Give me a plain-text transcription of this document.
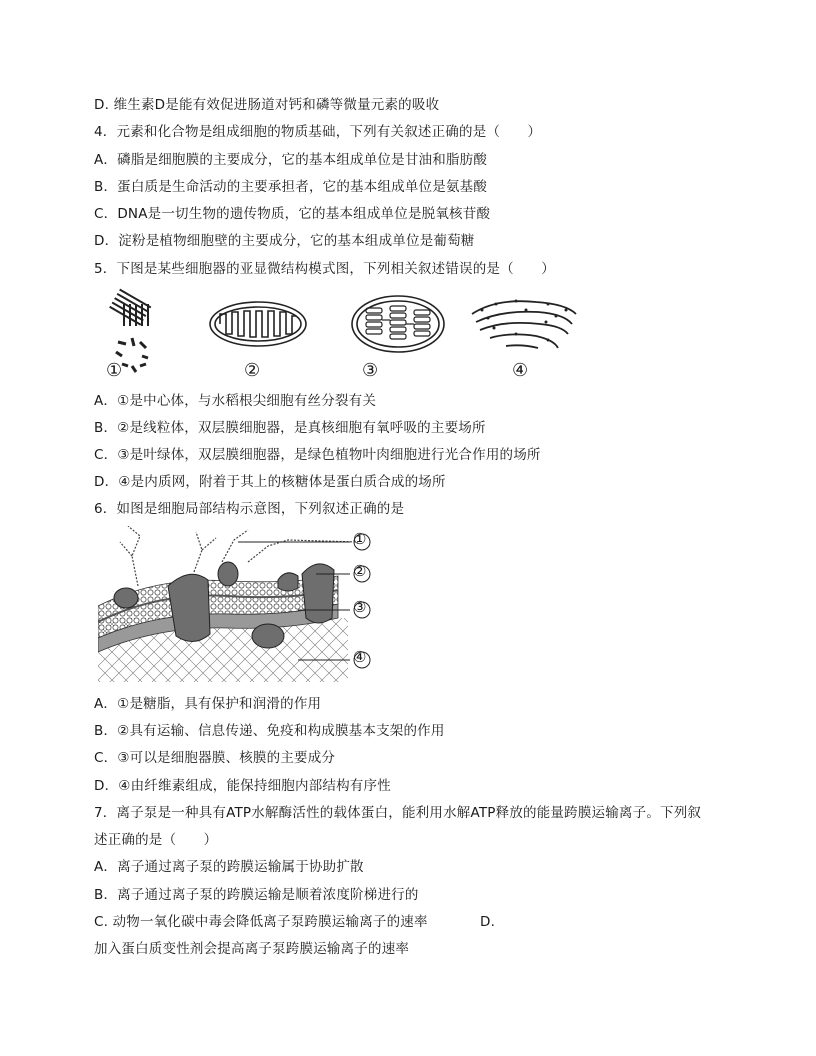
D. 维生素D是能有效促进肠道对钙和磷等微量元素的吸收
4．元素和化合物是组成细胞的物质基础，下列有关叙述正确的是（　　）
A．磷脂是细胞膜的主要成分，它的基本组成单位是甘油和脂肪酸
B．蛋白质是生命活动的主要承担者，它的基本组成单位是氨基酸
C．DNA是一切生物的遗传物质，它的基本组成单位是脱氧核苷酸
D．淀粉是植物细胞壁的主要成分，它的基本组成单位是葡萄糖
5．下图是某些细胞器的亚显微结构模式图，下列相关叙述错误的是（　　）
①	②	③	④
A．①是中心体，与水稻根尖细胞有丝分裂有关
B．②是线粒体，双层膜细胞器，是真核细胞有氧呼吸的主要场所
C．③是叶绿体，双层膜细胞器，是绿色植物叶肉细胞进行光合作用的场所
D．④是内质网，附着于其上的核糖体是蛋白质合成的场所
6．如图是细胞局部结构示意图，下列叙述正确的是
①
②
③
④
A．①是糖脂，具有保护和润滑的作用
B．②具有运输、信息传递、免疫和构成膜基本支架的作用
C．③可以是细胞器膜、核膜的主要成分
D．④由纤维素组成，能保持细胞内部结构有序性
7．离子泵是一种具有ATP水解酶活性的载体蛋白，能利用水解ATP释放的能量跨膜运输离子。下列叙
述正确的是（　　）
A．离子通过离子泵的跨膜运输属于协助扩散
B．离子通过离子泵的跨膜运输是顺着浓度阶梯进行的
C. 动物一氧化碳中毒会降低离子泵跨膜运输离子的速率	D.
加入蛋白质变性剂会提高离子泵跨膜运输离子的速率
